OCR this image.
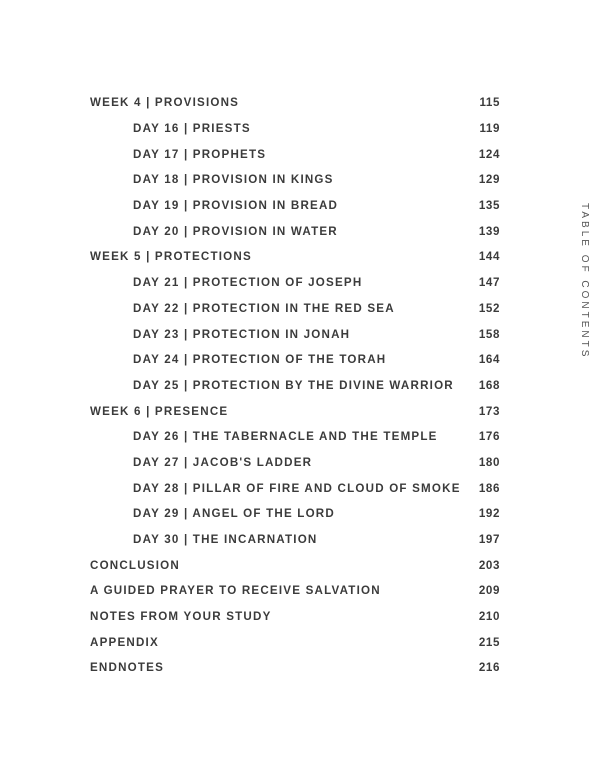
WEEK 4 | PROVISIONS	115
DAY 16 | PRIESTS	119
DAY 17 | PROPHETS	124
DAY 18 | PROVISION IN KINGS	129
DAY 19 | PROVISION IN BREAD	135
DAY 20 | PROVISION IN WATER	139
WEEK 5 | PROTECTIONS	144
DAY 21 | PROTECTION OF JOSEPH	147
DAY 22 | PROTECTION IN THE RED SEA	152
DAY 23 | PROTECTION IN JONAH	158
DAY 24 | PROTECTION OF THE TORAH	164
DAY 25 | PROTECTION BY THE DIVINE WARRIOR 168
WEEK 6 | PRESENCE	173
DAY 26 | THE TABERNACLE AND THE TEMPLE	176
DAY 27 | JACOB'S LADDER	180
DAY 28 | PILLAR OF FIRE AND CLOUD OF SMOKE 186
DAY 29 | ANGEL OF THE LORD	192
DAY 30 | THE INCARNATION	197
CONCLUSION	203
A GUIDED PRAYER TO RECEIVE SALVATION	209
NOTES FROM YOUR STUDY	210
APPENDIX	215
ENDNOTES	216
TABLE OF CONTENTS
